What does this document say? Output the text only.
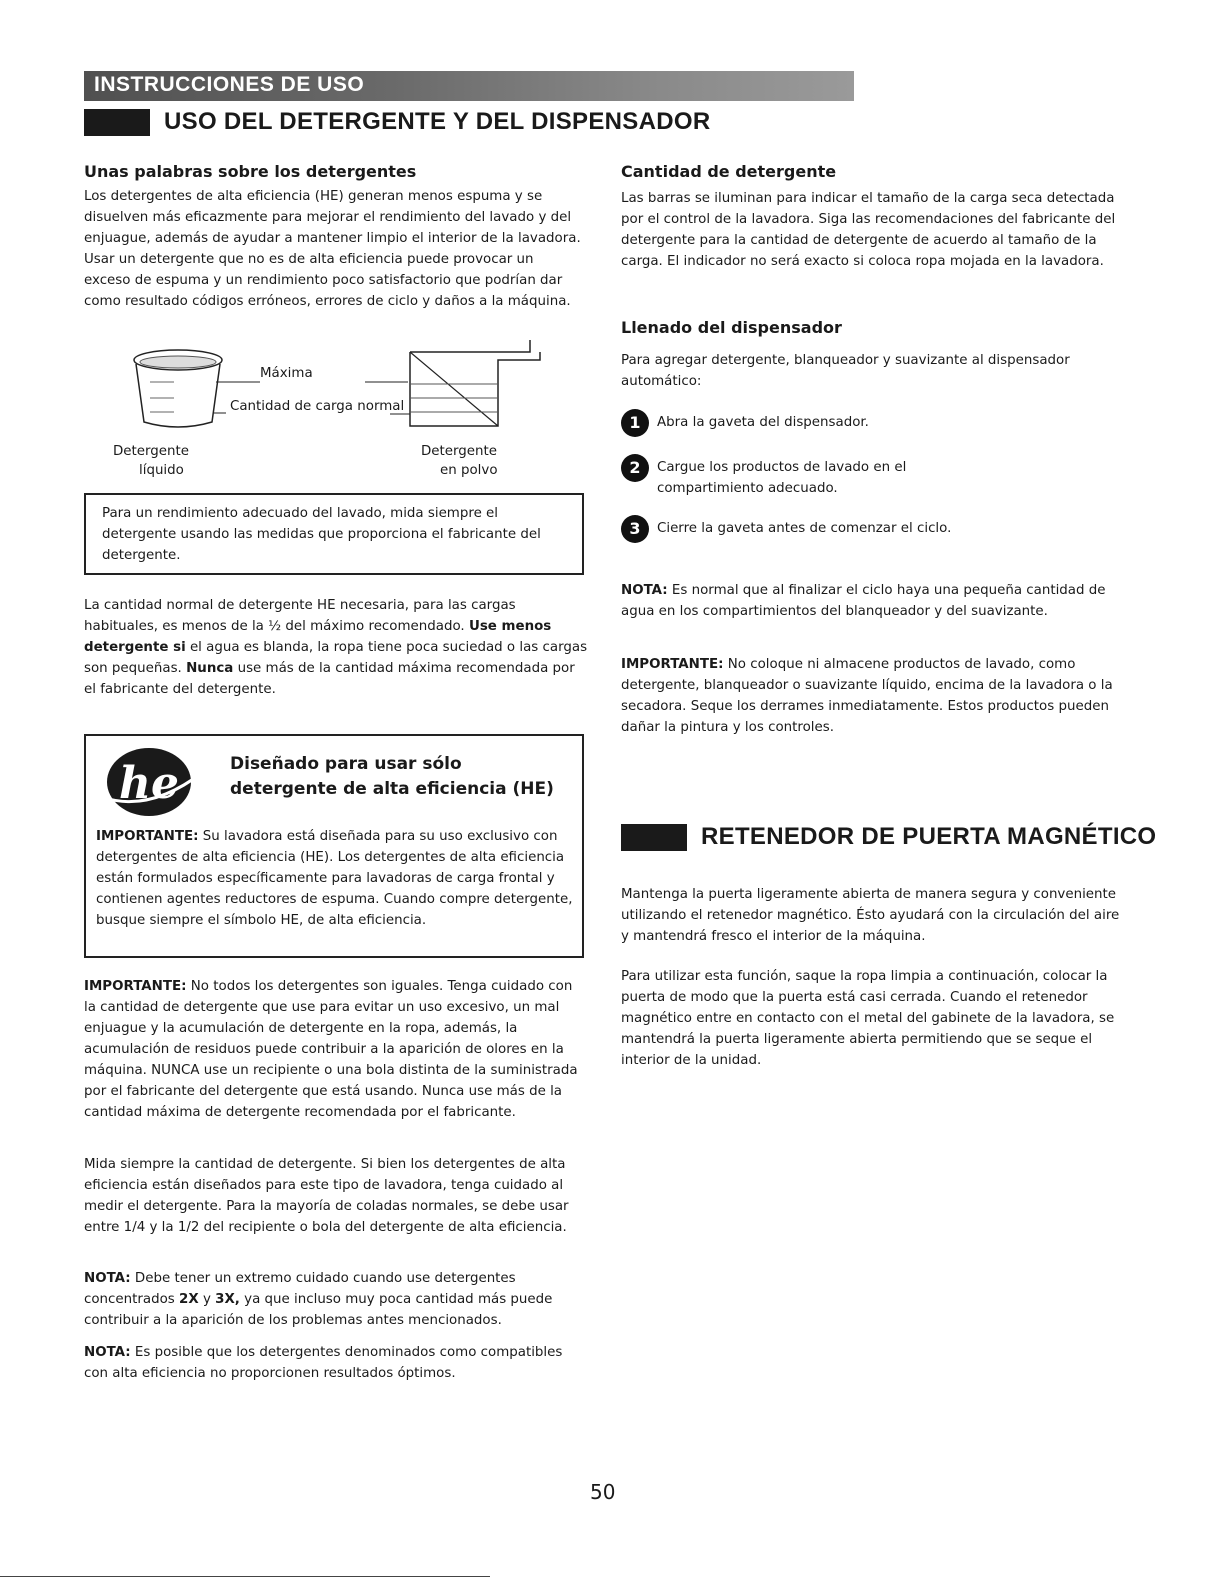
INSTRUCCIONES DE USO
USO DEL DETERGENTE Y DEL DISPENSADOR
Unas palabras sobre los detergentes
Los detergentes de alta eficiencia (HE) generan menos espuma y se disuelven más eficazmente para mejorar el rendimiento del lavado y del enjuague, además de ayudar a mantener limpio el interior de la lavadora. Usar un detergente que no es de alta eficiencia puede provocar un exceso de espuma y un rendimiento poco satisfactorio que podrían dar como resultado códigos erróneos, errores de ciclo y daños a la máquina.
Máxima
Cantidad de carga normal
Detergente
líquido
Detergente
en polvo
Para un rendimiento adecuado del lavado, mida siempre el detergente usando las medidas que proporciona el fabricante del detergente.
La cantidad normal de detergente HE necesaria, para las cargas habituales, es menos de la ½ del máximo recomendado. Use menos detergente si el agua es blanda, la ropa tiene poca suciedad o las cargas son pequeñas. Nunca use más de la cantidad máxima recomendada por el fabricante del detergente.
he	Diseñado para usar sólo
detergente de alta eficiencia (HE)
IMPORTANTE: Su lavadora está diseñada para su uso exclusivo con detergentes de alta eficiencia (HE). Los detergentes de alta eficiencia están formulados específicamente para lavadoras de carga frontal y contienen agentes reductores de espuma. Cuando compre detergente, busque siempre el símbolo HE, de alta eficiencia.
IMPORTANTE: No todos los detergentes son iguales. Tenga cuidado con la cantidad de detergente que use para evitar un uso excesivo, un mal enjuague y la acumulación de detergente en la ropa, además, la acumulación de residuos puede contribuir a la aparición de olores en la máquina. NUNCA use un recipiente o una bola distinta de la suministrada por el fabricante del detergente que está usando. Nunca use más de la cantidad máxima de detergente recomendada por el fabricante.
Mida siempre la cantidad de detergente. Si bien los detergentes de alta eficiencia están diseñados para este tipo de lavadora, tenga cuidado al medir el detergente. Para la mayoría de coladas normales, se debe usar entre 1/4 y la 1/2 del recipiente o bola del detergente de alta eficiencia.
NOTA: Debe tener un extremo cuidado cuando use detergentes concentrados 2X y 3X, ya que incluso muy poca cantidad más puede contribuir a la aparición de los problemas antes mencionados.
NOTA: Es posible que los detergentes denominados como compatibles con alta eficiencia no proporcionen resultados óptimos.
Cantidad de detergente
Las barras se iluminan para indicar el tamaño de la carga seca detectada por el control de la lavadora. Siga las recomendaciones del fabricante del detergente para la cantidad de detergente de acuerdo al tamaño de la carga. El indicador no será exacto si coloca ropa mojada en la lavadora.
Llenado del dispensador
Para agregar detergente, blanqueador y suavizante al dispensador automático:
1	Abra la gaveta del dispensador.
2	Cargue los productos de lavado en el compartimiento adecuado.
3	Cierre la gaveta antes de comenzar el ciclo.
NOTA: Es normal que al finalizar el ciclo haya una pequeña cantidad de agua en los compartimientos del blanqueador y del suavizante.
IMPORTANTE: No coloque ni almacene productos de lavado, como detergente, blanqueador o suavizante líquido, encima de la lavadora o la secadora. Seque los derrames inmediatamente. Estos productos pueden dañar la pintura y los controles.
RETENEDOR DE PUERTA MAGNÉTICO
Mantenga la puerta ligeramente abierta de manera segura y conveniente utilizando el retenedor magnético. Ésto ayudará con la circulación del aire y mantendrá fresco el interior de la máquina.
Para utilizar esta función, saque la ropa limpia a continuación, colocar la puerta de modo que la puerta está casi cerrada. Cuando el retenedor magnético entre en contacto con el metal del gabinete de la lavadora, se mantendrá la puerta ligeramente abierta permitiendo que se seque el interior de la unidad.
50
